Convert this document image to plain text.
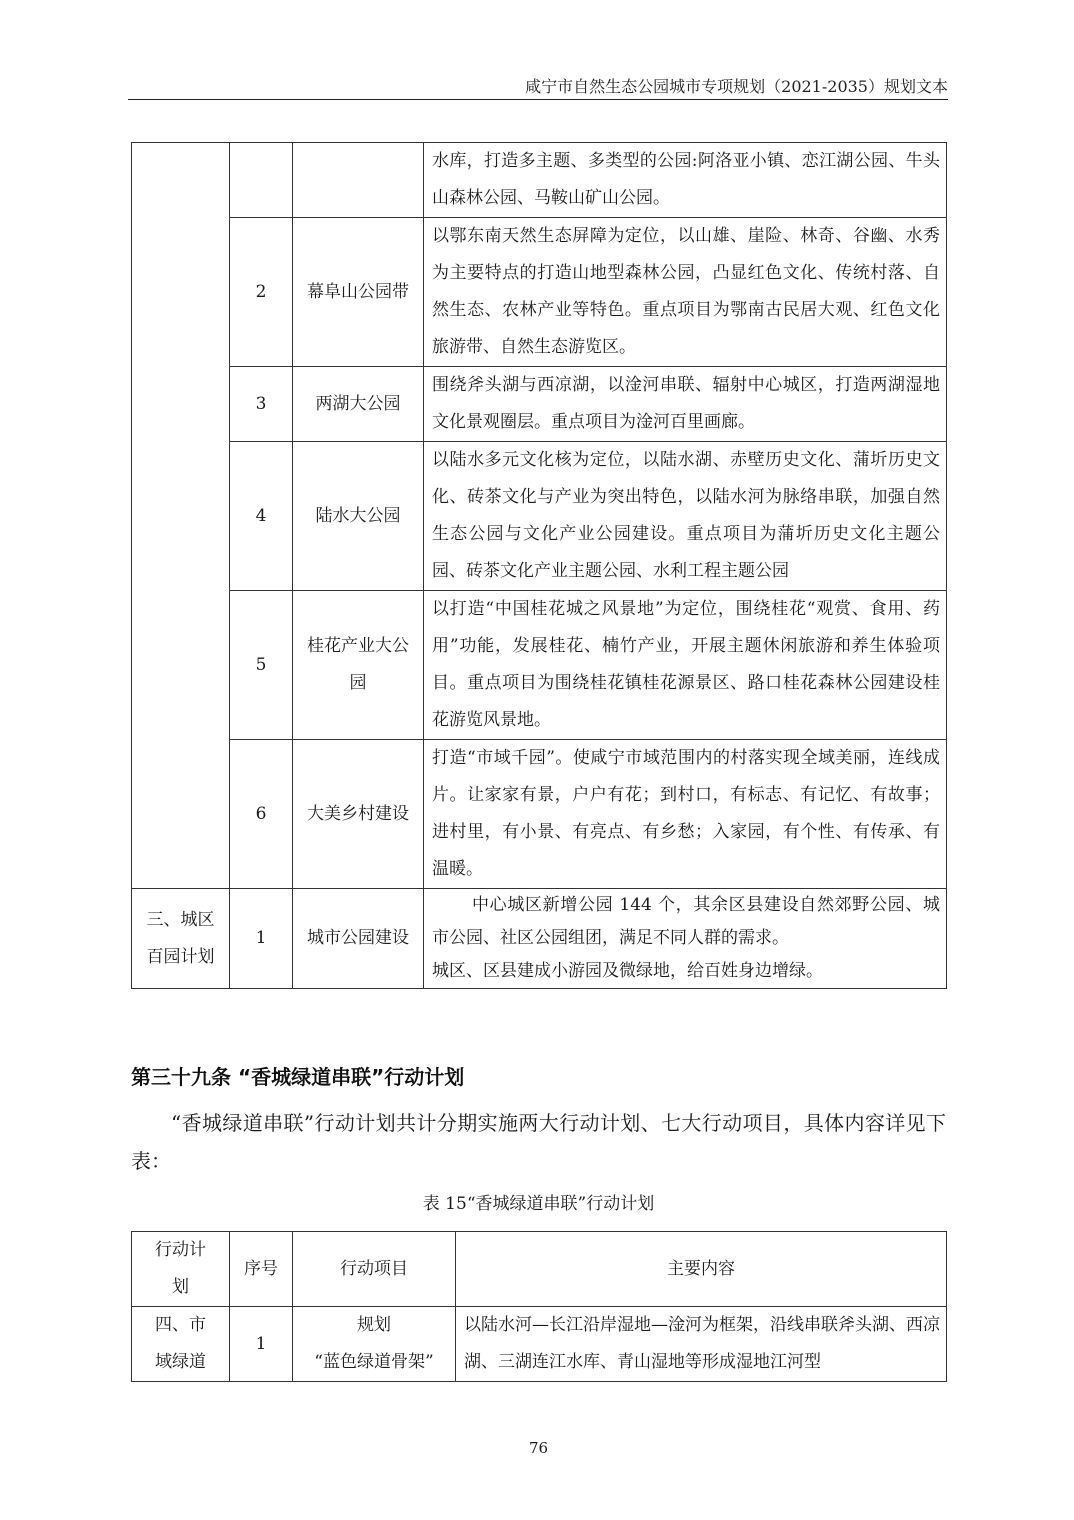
咸宁市自然生态公园城市专项规划（2021-2035）规划文本
			水库，打造多主题、多类型的公园:阿洛亚小镇、恋江湖公园、牛头山森林公园、马鞍山矿山公园。
	2	幕阜山公园带	以鄂东南天然生态屏障为定位，以山雄、崖险、林奇、谷幽、水秀为主要特点的打造山地型森林公园，凸显红色文化、传统村落、自然生态、农林产业等特色。重点项目为鄂南古民居大观、红色文化旅游带、自然生态游览区。
	3	两湖大公园	围绕斧头湖与西凉湖，以淦河串联、辐射中心城区，打造两湖湿地文化景观圈层。重点项目为淦河百里画廊。
	4	陆水大公园	以陆水多元文化核为定位，以陆水湖、赤壁历史文化、蒲圻历史文化、砖茶文化与产业为突出特色，以陆水河为脉络串联，加强自然生态公园与文化产业公园建设。重点项目为蒲圻历史文化主题公园、砖茶文化产业主题公园、水利工程主题公园
	5	桂花产业大公园	以打造“中国桂花城之风景地”为定位，围绕桂花“观赏、食用、药用”功能，发展桂花、楠竹产业，开展主题休闲旅游和养生体验项目。重点项目为围绕桂花镇桂花源景区、路口桂花森林公园建设桂花游览风景地。
	6	大美乡村建设	打造“市域千园”。使咸宁市域范围内的村落实现全域美丽，连线成片。让家家有景，户户有花；到村口，有标志、有记忆、有故事；进村里，有小景、有亮点、有乡愁；入家园，有个性、有传承、有温暖。
三、城区百园计划	1	城市公园建设	中心城区新增公园 144 个，其余区县建设自然郊野公园、城市公园、社区公园组团，满足不同人群的需求。
城区、区县建成小游园及微绿地，给百姓身边增绿。
第三十九条 “香城绿道串联”行动计划
“香城绿道串联”行动计划共计分期实施两大行动计划、七大行动项目，具体内容详见下表：
表 15“香城绿道串联”行动计划
行动计划	序号	行动项目	主要内容
四、市域绿道	1	规划
“蓝色绿道骨架”	以陆水河—长江沿岸湿地—淦河为框架，沿线串联斧头湖、西凉湖、三湖连江水库、青山湿地等形成湿地江河型
76
